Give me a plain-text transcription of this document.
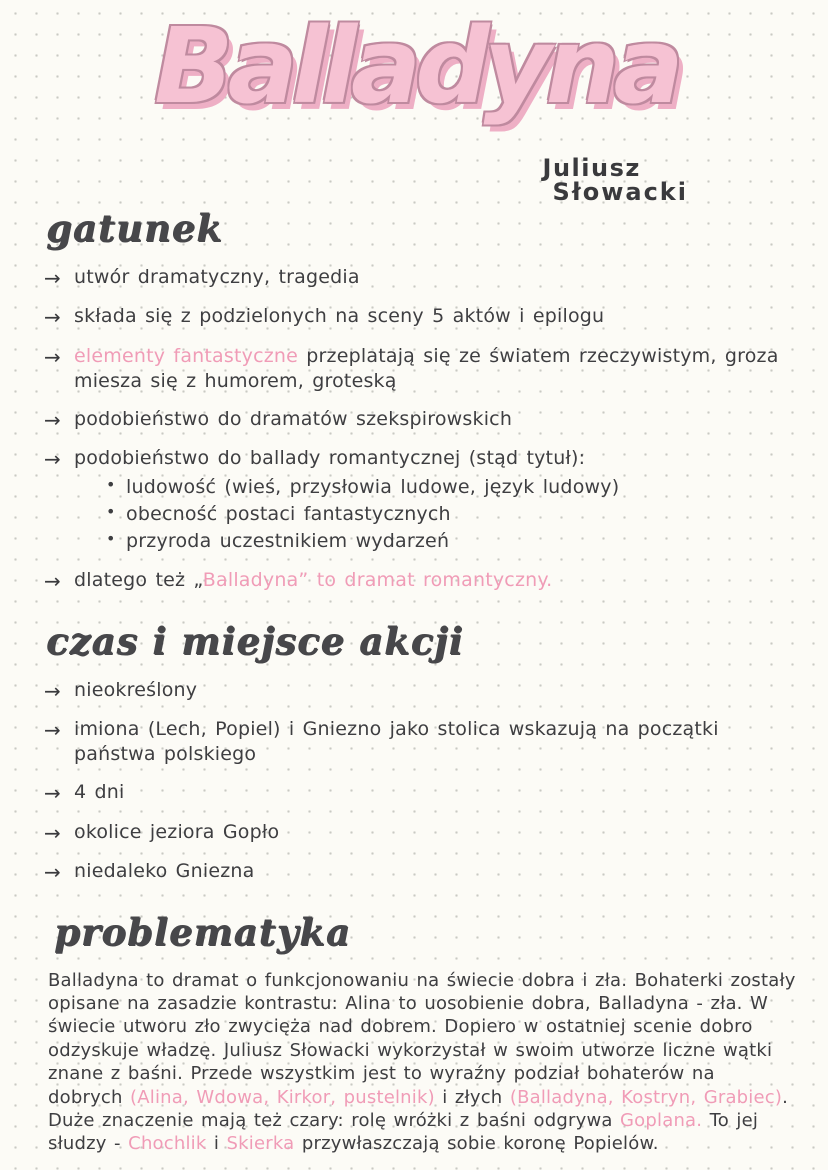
Balladyna
Juliusz
Słowacki
gatunek
→ utwór dramatyczny, tragedia
→ składa się z podzielonych na sceny 5 aktów i epilogu
→ elementy fantastyczne przeplatają się ze światem rzeczywistym, groza miesza się z humorem, groteską
→ podobieństwo do dramatów szekspirowskich
→ podobieństwo do ballady romantycznej (stąd tytuł):
• ludowość (wieś, przysłowia ludowe, język ludowy)
• obecność postaci fantastycznych
• przyroda uczestnikiem wydarzeń
→ dlatego też „Balladyna” to dramat romantyczny.
czas i miejsce akcji
→ nieokreślony
→ imiona (Lech, Popiel) i Gniezno jako stolica wskazują na początki państwa polskiego
→ 4 dni
→ okolice jeziora Gopło
→ niedaleko Gniezna
problematyka

Balladyna to dramat o funkcjonowaniu na świecie dobra i zła. Bohaterki zostały opisane na zasadzie kontrastu: Alina to uosobienie dobra, Balladyna - zła. W świecie utworu zło zwycięża nad dobrem. Dopiero w ostatniej scenie dobro odzyskuje władzę. Juliusz Słowacki wykorzystał w swoim utworze liczne wątki znane z baśni. Przede wszystkim jest to wyraźny podział bohaterów na dobrych (Alina, Wdowa, Kirkor, pustelnik) i złych (Balladyna, Kostryn, Grabiec). Duże znaczenie mają też czary: rolę wróżki z baśni odgrywa Goplana. To jej słudzy - Chochlik i Skierka przywłaszczają sobie koronę Popielów.
